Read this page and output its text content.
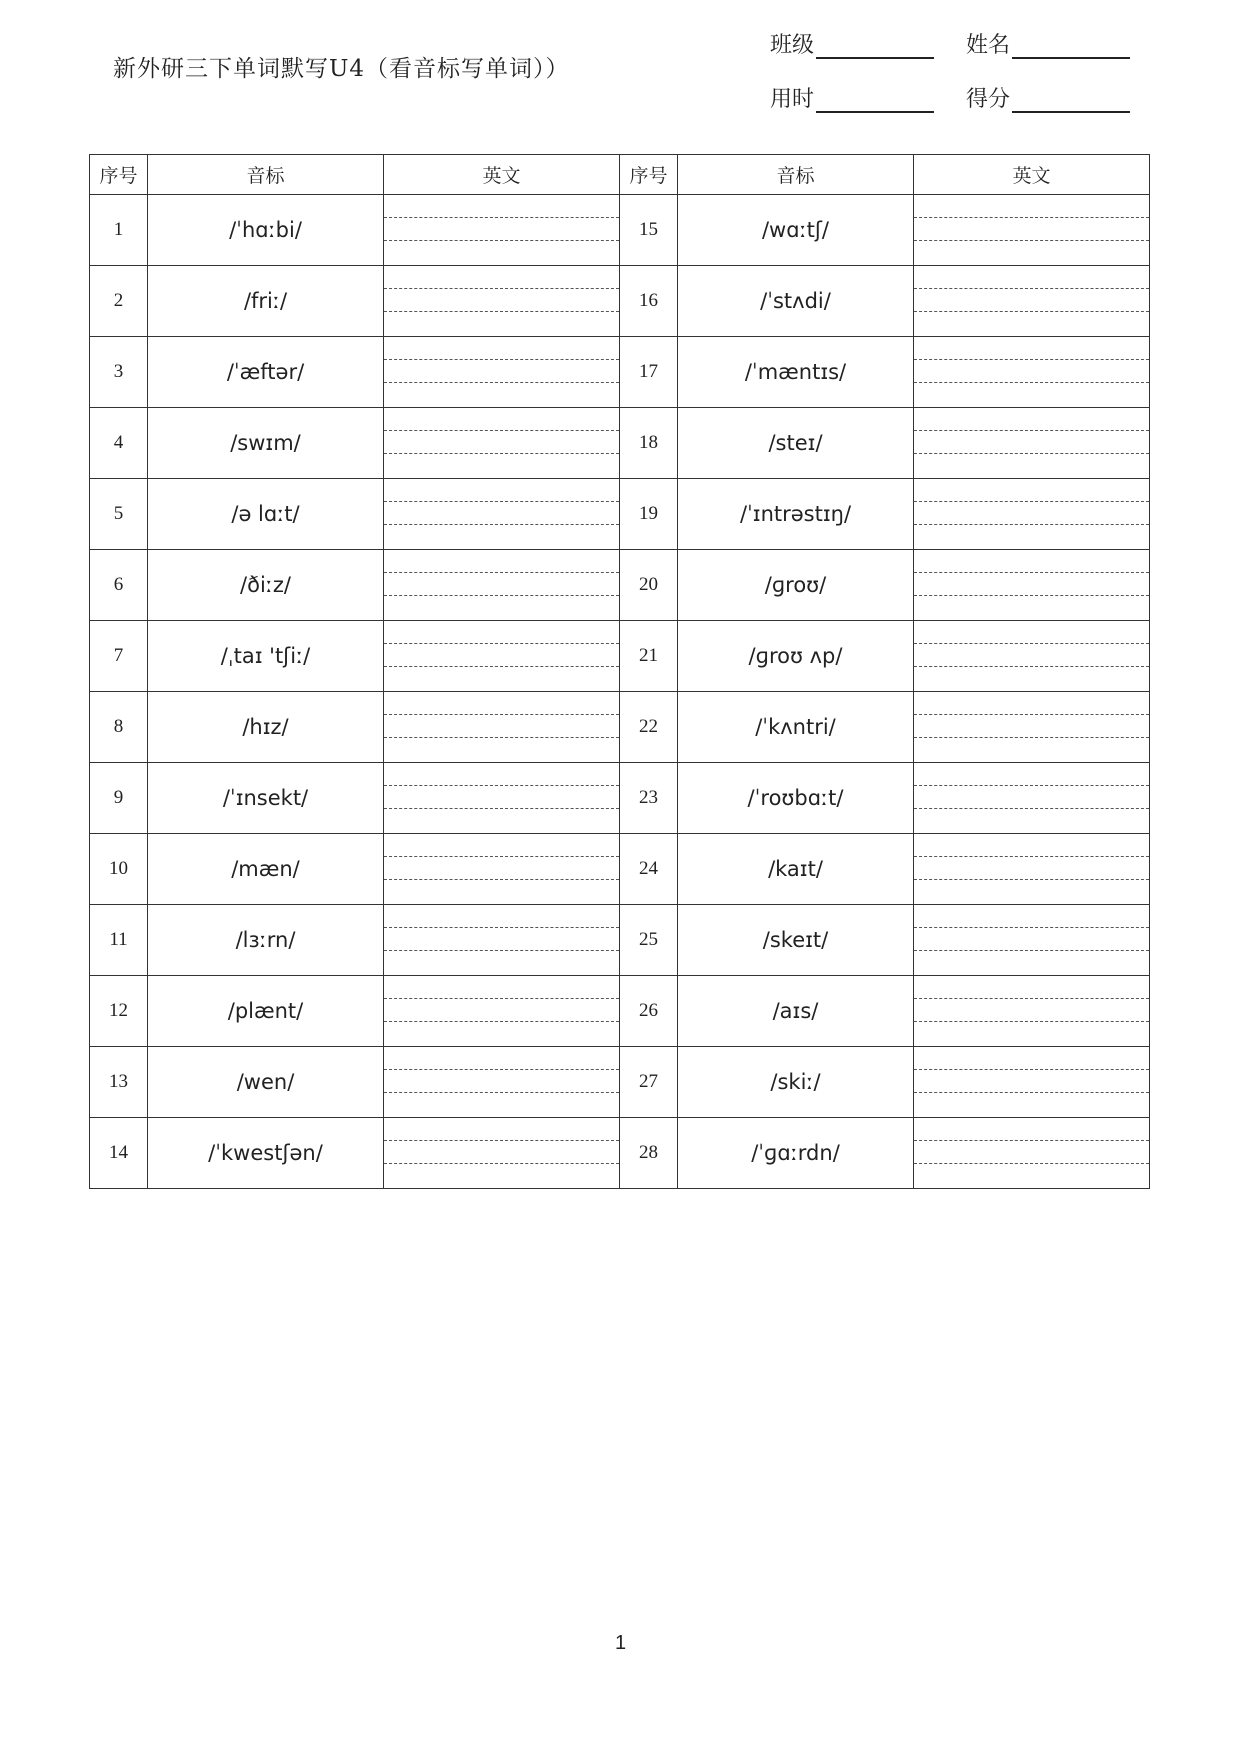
新外研三下单词默写U4（看音标写单词））
班级	姓名
用时	得分
序号	音标	英文	序号	音标	英文
1	/ˈhɑːbi/		15	/wɑːtʃ/	

2	/friː/		16	/ˈstʌdi/	

3	/ˈæftər/		17	/ˈmæntɪs/	

4	/swɪm/		18	/steɪ/	

5	/ə lɑːt/		19	/ˈɪntrəstɪŋ/	

6	/ðiːz/		20	/ɡroʊ/	

7	/ˌtaɪ 'tʃiː/		21	/ɡroʊ ʌp/	

8	/hɪz/		22	/ˈkʌntri/	

9	/ˈɪnsekt/		23	/ˈroʊbɑːt/	

10	/mæn/		24	/kaɪt/	

11	/lɜːrn/		25	/skeɪt/	

12	/plænt/		26	/aɪs/	

13	/wen/		27	/skiː/	

14	/ˈkwestʃən/		28	/ˈɡɑːrdn/	
1
